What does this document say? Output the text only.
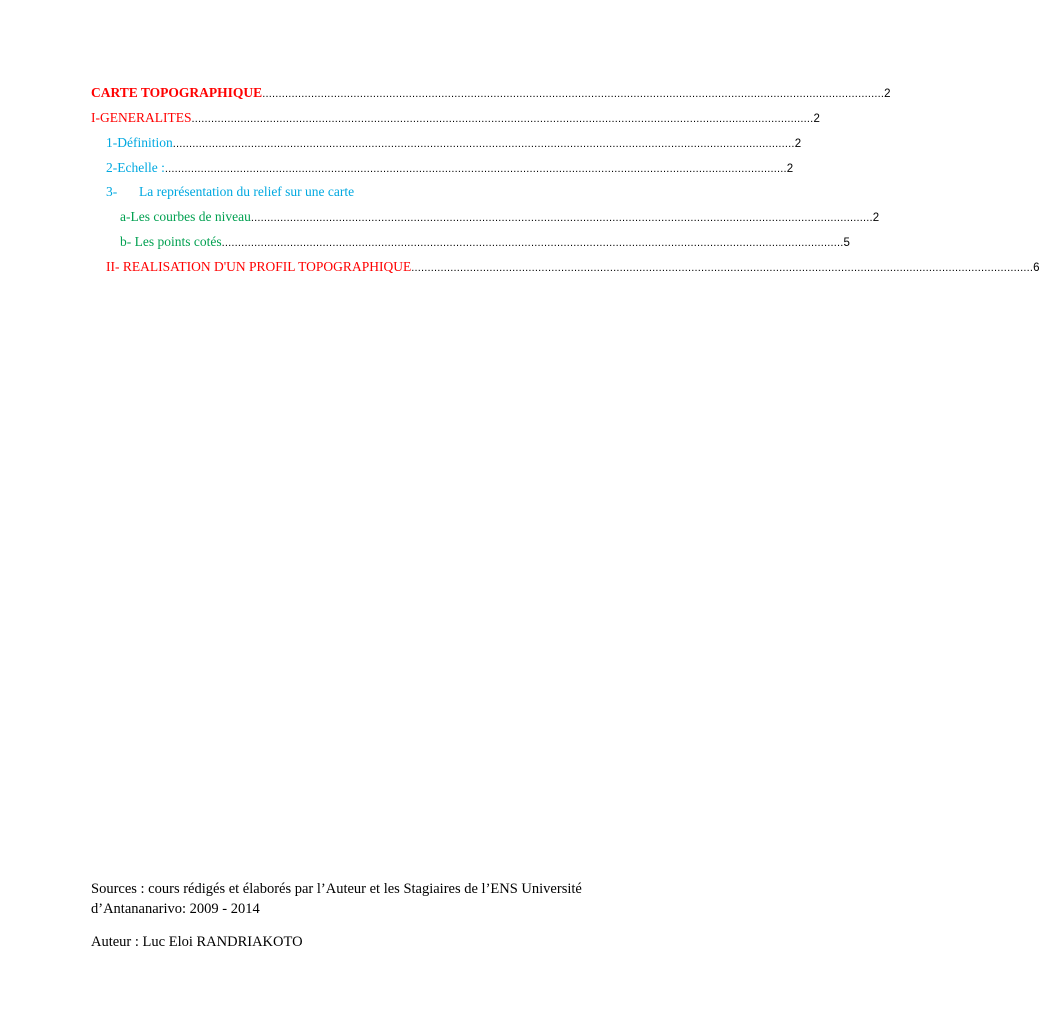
CARTE TOPOGRAPHIQUE ............................................................................................................................................................................................... 2
I- GENERALITES ............................................................................................................................................................................................... 2
1- Définition ............................................................................................................................................................................................... 2
2- Echelle : ............................................................................................................................................................................................... 2
3-	La représentation du relief sur une carte
a- Les courbes de niveau ............................................................................................................................................................................................... 2
b- Les points cotés ............................................................................................................................................................................................... 5
II- REALISATION D'UN PROFIL TOPOGRAPHIQUE ............................................................................................................................................................................................... 6
Sources : cours rédigés et élaborés par l’Auteur et les Stagiaires de l’ENS Université
d’Antananarivo: 2009 - 2014
Auteur : Luc Eloi RANDRIAKOTO
